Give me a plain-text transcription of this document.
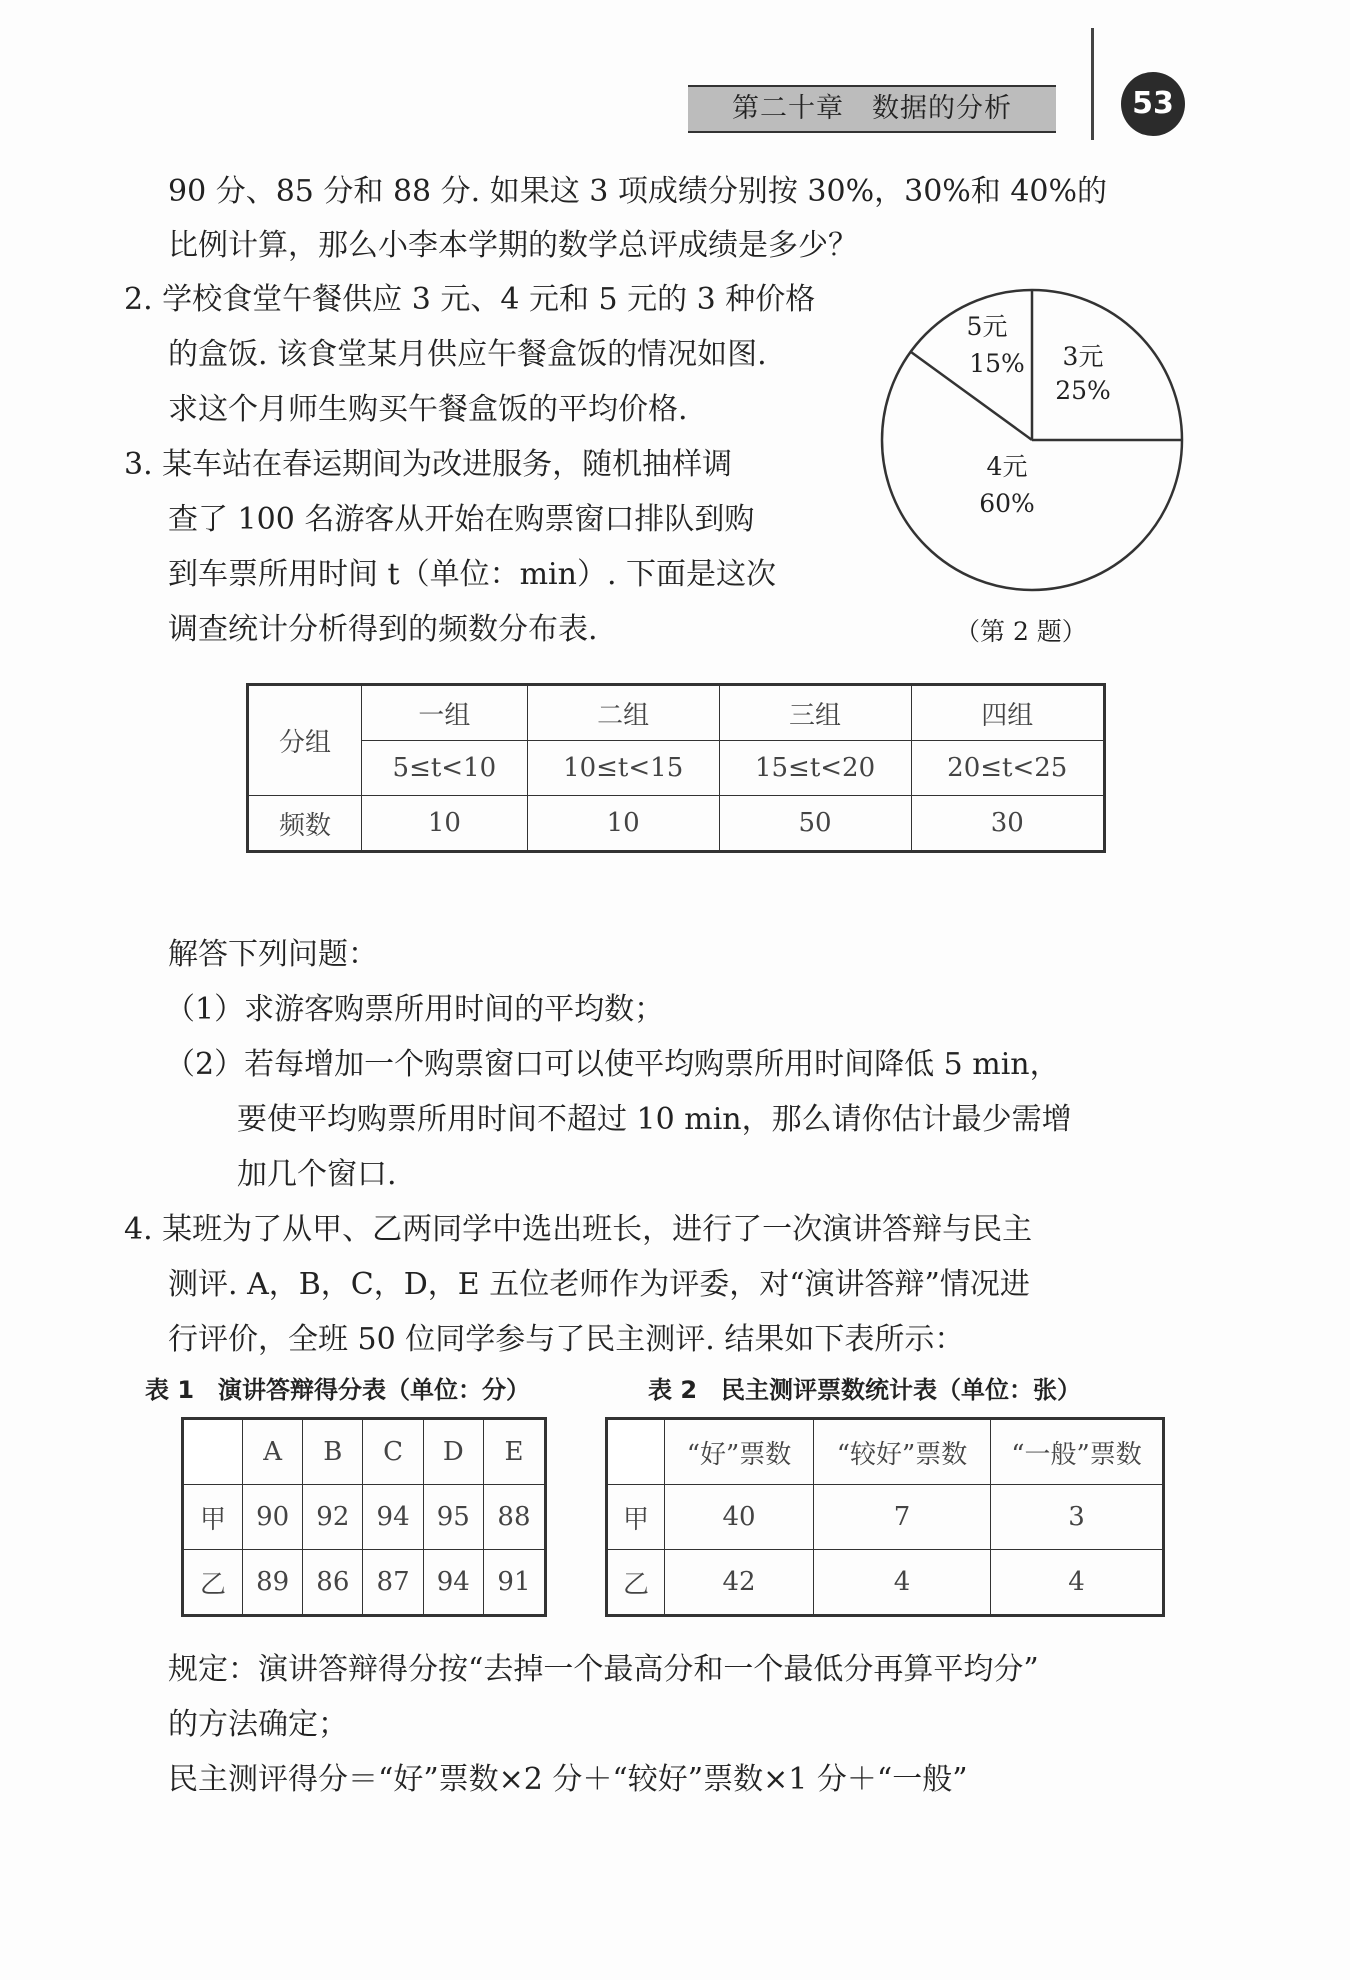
第二十章　数据的分析	53
90 分、85 分和 88 分. 如果这 3 项成绩分别按 30%，30%和 40%的
比例计算，那么小李本学期的数学总评成绩是多少？
2. 学校食堂午餐供应 3 元、4 元和 5 元的 3 种价格
的盒饭. 该食堂某月供应午餐盒饭的情况如图.
求这个月师生购买午餐盒饭的平均价格.
3. 某车站在春运期间为改进服务，随机抽样调
查了 100 名游客从开始在购票窗口排队到购
到车票所用时间 t（单位：min）. 下面是这次
调查统计分析得到的频数分布表.
5元
15% 3元
25%
4元
60%
（第 2 题）
分组	一组	二组	三组	四组
	5≤t<10	10≤t<15	15≤t<20	20≤t<25
频数	10	10	50	30
解答下列问题：
（1）求游客购票所用时间的平均数；
（2）若每增加一个购票窗口可以使平均购票所用时间降低 5 min，
要使平均购票所用时间不超过 10 min，那么请你估计最少需增
加几个窗口.
4. 某班为了从甲、乙两同学中选出班长，进行了一次演讲答辩与民主
测评. A，B，C，D，E 五位老师作为评委，对“演讲答辩”情况进
行评价，全班 50 位同学参与了民主测评. 结果如下表所示：
表 1　演讲答辩得分表（单位：分）	表 2　民主测评票数统计表（单位：张）
	A	B	C	D	E
甲	90	92	94	95	88
乙	89	86	87	94	91
	“好”票数	“较好”票数	“一般”票数
甲	40	7	3
乙	42	4	4
规定：演讲答辩得分按“去掉一个最高分和一个最低分再算平均分”
的方法确定；
民主测评得分＝“好”票数×2 分＋“较好”票数×1 分＋“一般”
